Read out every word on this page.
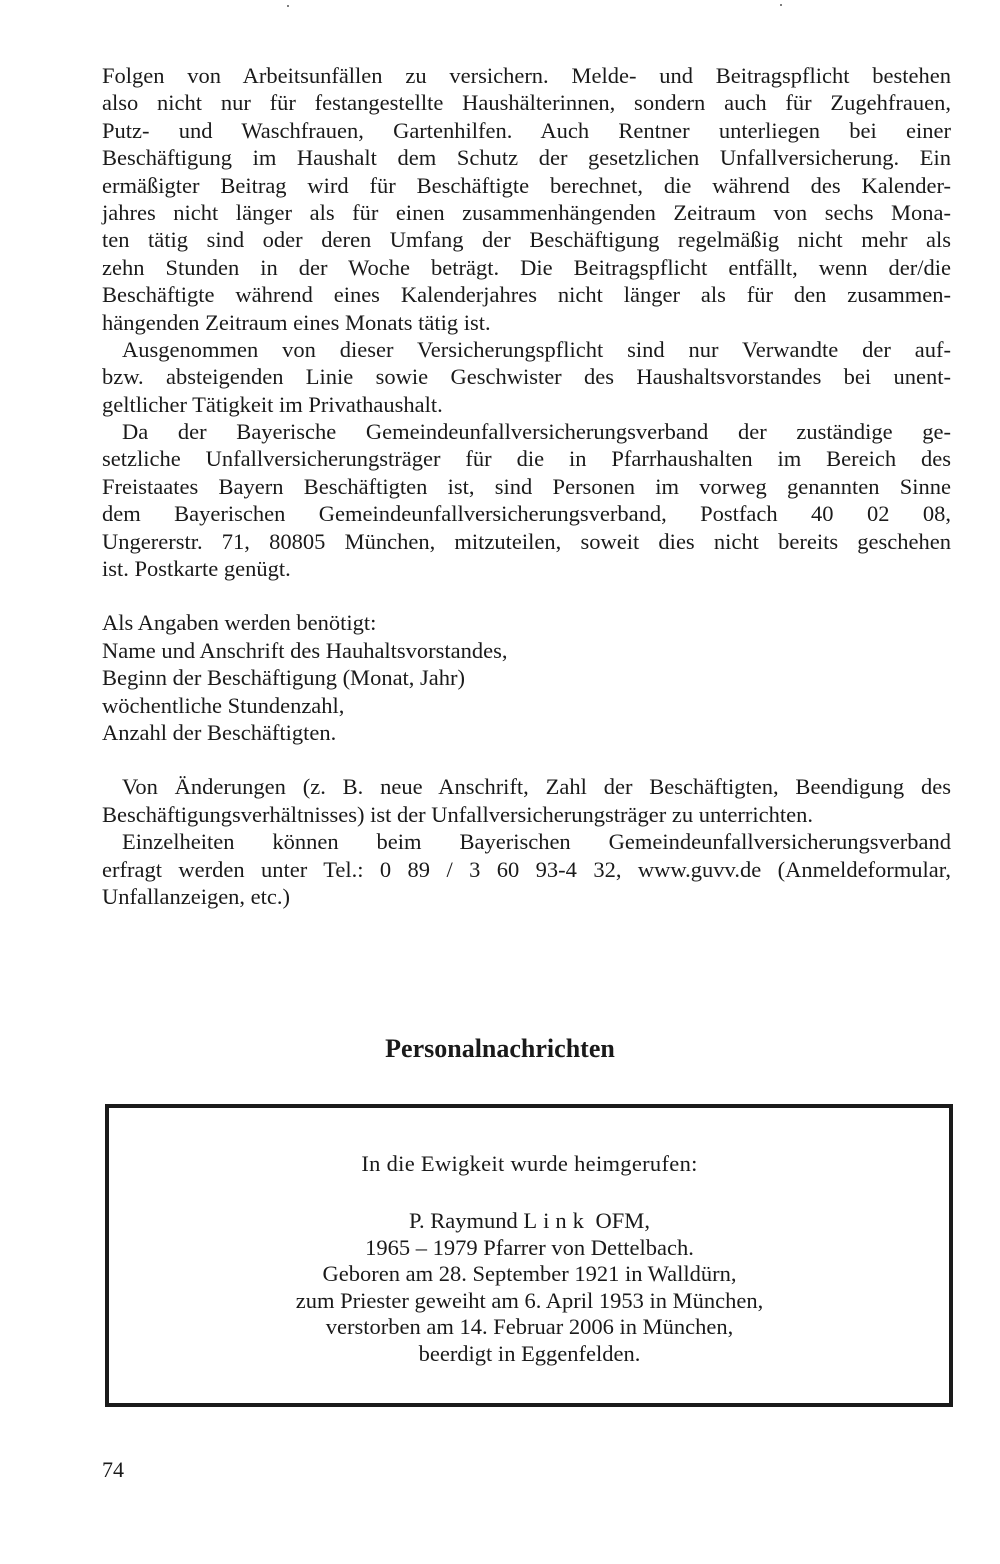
Folgen von Arbeitsunfällen zu versichern. Melde- und Beitragspflicht bestehen
also nicht nur für festangestellte Haushälterinnen, sondern auch für Zugehfrauen,
Putz- und Waschfrauen, Gartenhilfen. Auch Rentner unterliegen bei einer
Beschäftigung im Haushalt dem Schutz der gesetzlichen Unfallversicherung. Ein
ermäßigter Beitrag wird für Beschäftigte berechnet, die während des Kalender-
jahres nicht länger als für einen zusammenhängenden Zeitraum von sechs Mona-
ten tätig sind oder deren Umfang der Beschäftigung regelmäßig nicht mehr als
zehn Stunden in der Woche beträgt. Die Beitragspflicht entfällt, wenn der/die
Beschäftigte während eines Kalenderjahres nicht länger als für den zusammen-
hängenden Zeitraum eines Monats tätig ist.
Ausgenommen von dieser Versicherungspflicht sind nur Verwandte der auf-
bzw. absteigenden Linie sowie Geschwister des Haushaltsvorstandes bei unent-
geltlicher Tätigkeit im Privathaushalt.
Da der Bayerische Gemeindeunfallversicherungsverband der zuständige ge-
setzliche Unfallversicherungsträger für die in Pfarrhaushalten im Bereich des
Freistaates Bayern Beschäftigten ist, sind Personen im vorweg genannten Sinne
dem Bayerischen Gemeindeunfallversicherungsverband, Postfach 40 02 08,
Ungererstr. 71, 80805 München, mitzuteilen, soweit dies nicht bereits geschehen
ist. Postkarte genügt.
Als Angaben werden benötigt:
Name und Anschrift des Hauhaltsvorstandes,
Beginn der Beschäftigung (Monat, Jahr)
wöchentliche Stundenzahl,
Anzahl der Beschäftigten.
Von Änderungen (z. B. neue Anschrift, Zahl der Beschäftigten, Beendigung des
Beschäftigungsverhältnisses) ist der Unfallversicherungsträger zu unterrichten.
Einzelheiten können beim Bayerischen Gemeindeunfallversicherungsverband
erfragt werden unter Tel.: 0 89 / 3 60 93-4 32, www.guvv.de (Anmeldeformular,
Unfallanzeigen, etc.)
Personalnachrichten
In die Ewigkeit wurde heimgerufen:
P. Raymund Link OFM,
1965 – 1979 Pfarrer von Dettelbach.
Geboren am 28. September 1921 in Walldürn,
zum Priester geweiht am 6. April 1953 in München,
verstorben am 14. Februar 2006 in München,
beerdigt in Eggenfelden.
74
